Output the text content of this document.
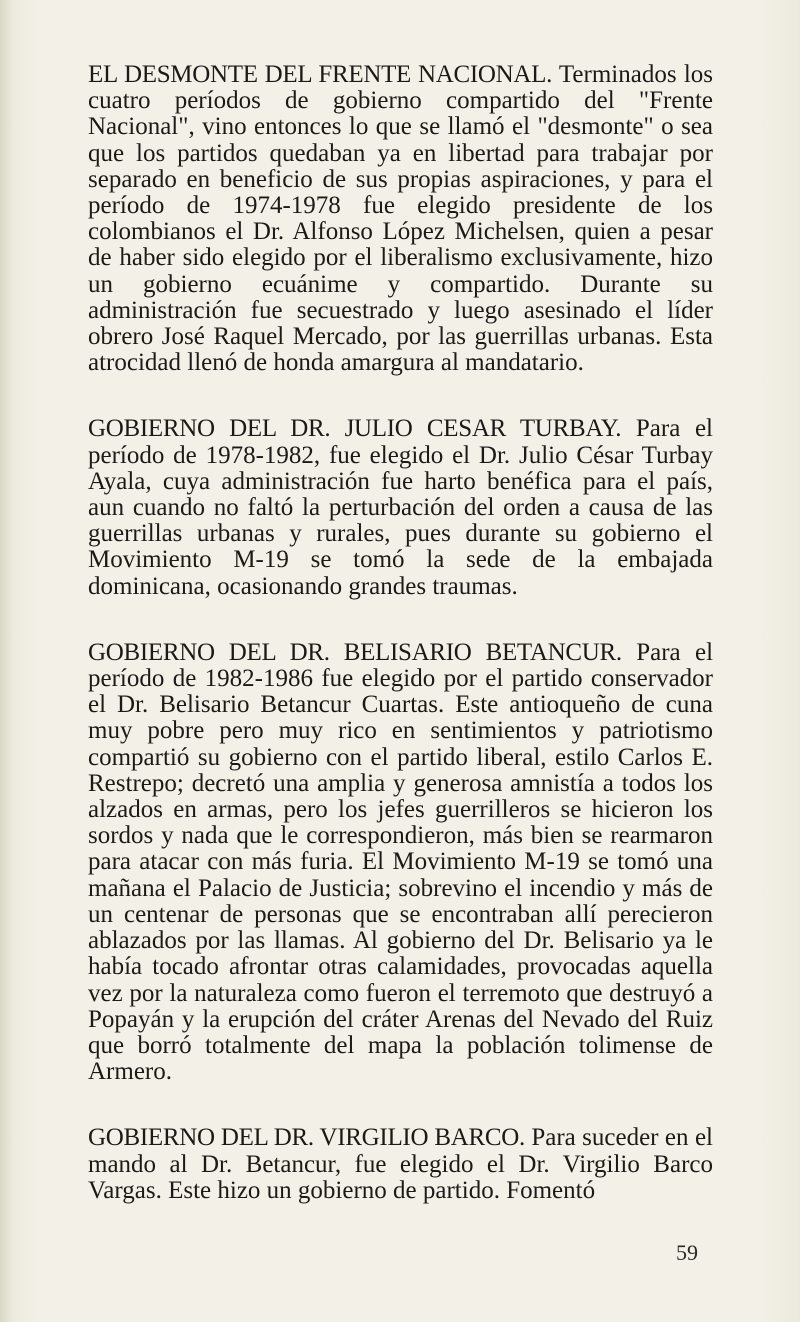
EL DESMONTE DEL FRENTE NACIONAL. Terminados los cuatro períodos de gobierno compartido del "Frente Nacional", vino entonces lo que se llamó el "desmonte" o sea que los partidos quedaban ya en libertad para trabajar por separado en beneficio de sus propias aspiraciones, y para el período de 1974-1978 fue elegido presidente de los colombianos el Dr. Alfonso López Michelsen, quien a pesar de haber sido elegido por el liberalismo exclusivamente, hizo un gobierno ecuánime y compartido. Durante su administración fue secuestrado y luego asesinado el líder obrero José Raquel Mercado, por las guerrillas urbanas. Esta atrocidad llenó de honda amargura al mandatario.

GOBIERNO DEL DR. JULIO CESAR TURBAY. Para el período de 1978-1982, fue elegido el Dr. Julio César Turbay Ayala, cuya administración fue harto benéfica para el país, aun cuando no faltó la perturbación del orden a causa de las guerrillas urbanas y rurales, pues durante su gobierno el Movimiento M-19 se tomó la sede de la embajada dominicana, ocasionando grandes traumas.

GOBIERNO DEL DR. BELISARIO BETANCUR. Para el período de 1982-1986 fue elegido por el partido conservador el Dr. Belisario Betancur Cuartas. Este antioqueño de cuna muy pobre pero muy rico en sentimientos y patriotismo compartió su gobierno con el partido liberal, estilo Carlos E. Restrepo; decretó una amplia y generosa amnistía a todos los alzados en armas, pero los jefes guerrilleros se hicieron los sordos y nada que le correspondieron, más bien se rearmaron para atacar con más furia. El Movimiento M-19 se tomó una mañana el Palacio de Justicia; sobrevino el incendio y más de un centenar de personas que se encontraban allí perecieron ablazados por las llamas. Al gobierno del Dr. Belisario ya le había tocado afrontar otras calamidades, provocadas aquella vez por la naturaleza como fueron el terremoto que destruyó a Popayán y la erupción del cráter Arenas del Nevado del Ruiz que borró totalmente del mapa la población tolimense de Armero.

GOBIERNO DEL DR. VIRGILIO BARCO. Para suceder en el mando al Dr. Betancur, fue elegido el Dr. Virgilio Barco Vargas. Este hizo un gobierno de partido. Fomentó

59
